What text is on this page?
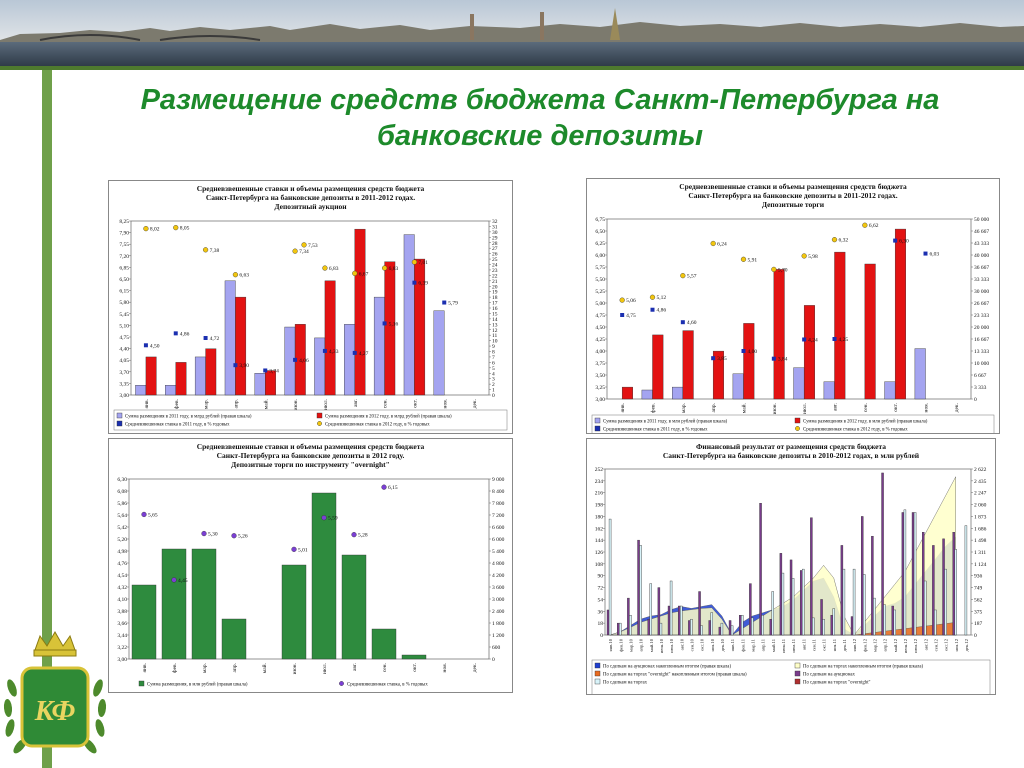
Размещение средств бюджета Санкт-Петербурга на банковские депозиты
Средневзвешенные ставки и объемы размещения средств бюджета
Санкт-Петербурга на банковские депозиты в 2011-2012 годах.
Депозитный аукцион
8,25
7,90
7,55
7,20
6,85
6,50
6,15
5,80
5,45
5,10
4,75
4,40
4,05
3,70
3,35
3,00
32
31
30
29
28
27
26
25
24
23
22
21
20
19
18
17
16
15
14
13
12
11
10
9
8
7
6
5
4
3
2
1
0
янв.	фев.	мар.	апр.	май.	июн.	июл.	авг.	сен.	окт.	ноя.	дек.
4,50
4,86
4,72
3,90
3,74
4,06
4,33	4,27
5,16
6,39
5,79
8,02	8,05
7,38
6,63
7,34
6,83
6,67
6,83
7,01
7,53
Сумма размещения в 2011 году, в млрд рублей (правая шкала)	Сумма размещения в 2012 году, в млрд рублей (правая шкала)
Средневзвешенная ставка в 2011 году, в % годовых	Средневзвешенная ставка в 2012 году, в % годовых
Средневзвешенные ставки и объемы размещения средств бюджета
Санкт-Петербурга на банковские депозиты в 2011-2012 годах.
Депозитные торги
6,75
6,50
6,25
6,00
5,75
5,50
5,25
5,00
4,75
4,50
4,25
4,00
3,75
3,50
3,25
3,00
50 000
46 667
43 333
40 000
36 667
33 333
30 000
26 667
23 333
20 000
16 667
13 333
10 000
6 667
3 333
0
янв.	фев.	мар.	апр.	май.	июн.	июл.	авг.	сен.	окт.	ноя.	дек.
4,75
4,86
4,60
3,85
4,00
3,84
4,24	4,25
6,30
6,03
5,06	5,12
5,57
6,24
5,91
5,70
5,98
6,32
6,62
Сумма размещения в 2011 году, в млн рублей (правая шкала)	Сумма размещения в 2012 году, в млн рублей (правая шкала)
Средневзвешенная ставка в 2011 году, в % годовых	Средневзвешенная ставка в 2012 году, в % годовых
Средневзвешенные ставки и объемы размещения средств бюджета
Санкт-Петербурга на банковские депозиты в 2012 году.
Депозитные торги по инструменту "overnight"
6,30
6,08
5,86
5,64
5,42
5,20
4,98
4,76
4,54
4,32
4,10
3,88
3,66
3,44
3,22
3,00
9 000
8 400
7 800
7 200
6 600
6 000
5 400
4 800
4 200
3 600
3 000
2 400
1 800
1 200
600
0
янв.	фев.	мар.	апр.	май.	июн.	июл.	авг.	сен.	окт.	ноя.	дек.
5,65
4,45
5,30	5,26
5,01
5,59
5,28
6,15
Сумма размещения, в млн рублей (правая шкала)	Средневзвешенная ставка, в % годовых
Финансовый результат от размещения средств бюджета
Санкт-Петербурга на банковские депозиты в 2010-2012 годах, в млн рублей
252
234
216
198
180
162
144
126
108
90
72
54
36
18
0
2 622
2 435
2 247
2 060
1 873
1 686
1 498
1 311
1 124
936
749
562
375
187
0
янв.10 фев.10 мар.10 апр.10 май.10 июн.10 июл.10 авг.10 сен.10 окт.10 ноя.10 дек.10 янв.11 фев.11 мар.11 апр.11 май.11 июн.11 июл.11 авг.11 сен.11 окт.11 ноя.11 дек.11 янв.12 фев.12 мар.12 апр.12 май.12 июн.12 июл.12 авг.12 сен.12 окт.12 ноя.12 дек.12
По сделкам на аукционах накопленным итогом (правая шкала)	По сделкам на торгах накопленным итогом (правая шкала)
По сделкам на торгах "overnight" накопленным итогом (правая шкала)	По сделкам на аукционах
По сделкам на торгах	По сделкам на торгах "overnight"
КФ
